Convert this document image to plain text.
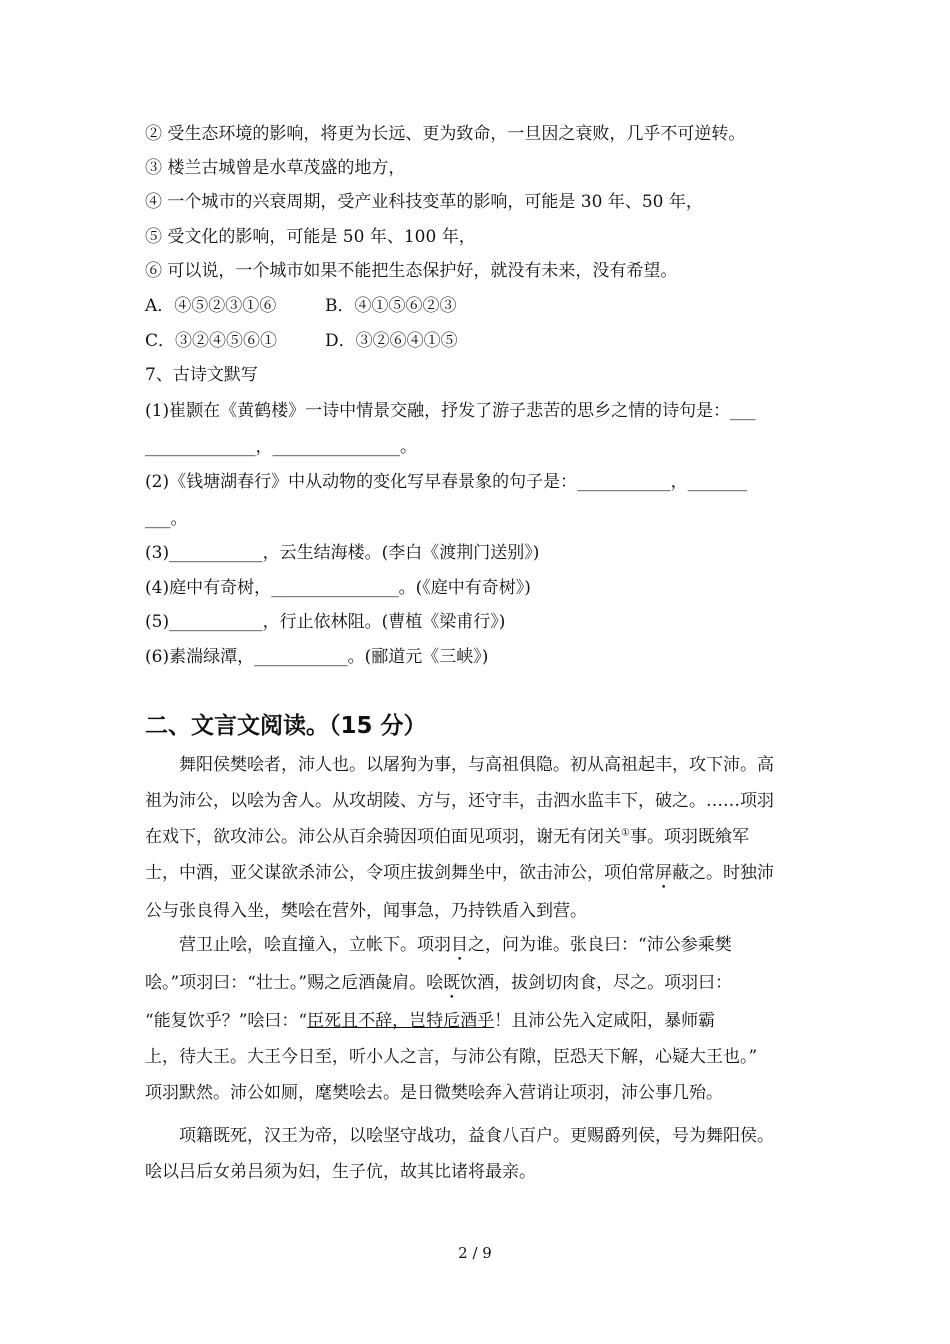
② 受生态环境的影响，将更为长远、更为致命，一旦因之衰败，几乎不可逆转。
③ 楼兰古城曾是水草茂盛的地方，
④ 一个城市的兴衰周期，受产业科技变革的影响，可能是 30 年、50 年，
⑤ 受文化的影响，可能是 50 年、100 年，
⑥ 可以说，一个城市如果不能把生态保护好，就没有未来，没有希望。
A．④⑤②③①⑥	B．④①⑤⑥②③
C．③②④⑤⑥①	D．③②⑥④①⑤
7、古诗文默写
(1)崔颢在《黄鹤楼》一诗中情景交融，抒发了游子悲苦的思乡之情的诗句是：___
_____________，_______________。
(2)《钱塘湖春行》中从动物的变化写早春景象的句子是：___________，_______
___。
(3)___________，云生结海楼。(李白《渡荆门送别》)
(4)庭中有奇树，_______________。(《庭中有奇树》)
(5)___________，行止依林阻。(曹植《梁甫行》)
(6)素湍绿潭，___________。(郦道元《三峡》)
二、文言文阅读。（15 分）
舞阳侯樊哙者，沛人也。以屠狗为事，与高祖俱隐。初从高祖起丰，攻下沛。高
祖为沛公，以哙为舍人。从攻胡陵、方与，还守丰，击泗水监丰下，破之。……项羽
在戏下，欲攻沛公。沛公从百余骑因项伯面见项羽，谢无有闭关①事。项羽既飨军
士，中酒，亚父谋欲杀沛公，令项庄拔剑舞坐中，欲击沛公，项伯常屏蔽之。时独沛
公与张良得入坐，樊哙在营外，闻事急，乃持铁盾入到营。
营卫止哙，哙直撞入，立帐下。项羽目之，问为谁。张良曰：“沛公参乘樊
哙。”项羽曰：“壮士。”赐之卮酒彘肩。哙既饮酒，拔剑切肉食，尽之。项羽曰：
“能复饮乎？”哙曰：“臣死且不辞，岂特卮酒乎！且沛公先入定咸阳，暴师霸
上，待大王。大王今日至，听小人之言，与沛公有隙，臣恐天下解，心疑大王也。”
项羽默然。沛公如厕，麾樊哙去。是日微樊哙奔入营诮让项羽，沛公事几殆。
项籍既死，汉王为帝，以哙坚守战功，益食八百户。更赐爵列侯，号为舞阳侯。
哙以吕后女弟吕须为妇，生子伉，故其比诸将最亲。
2 / 9
